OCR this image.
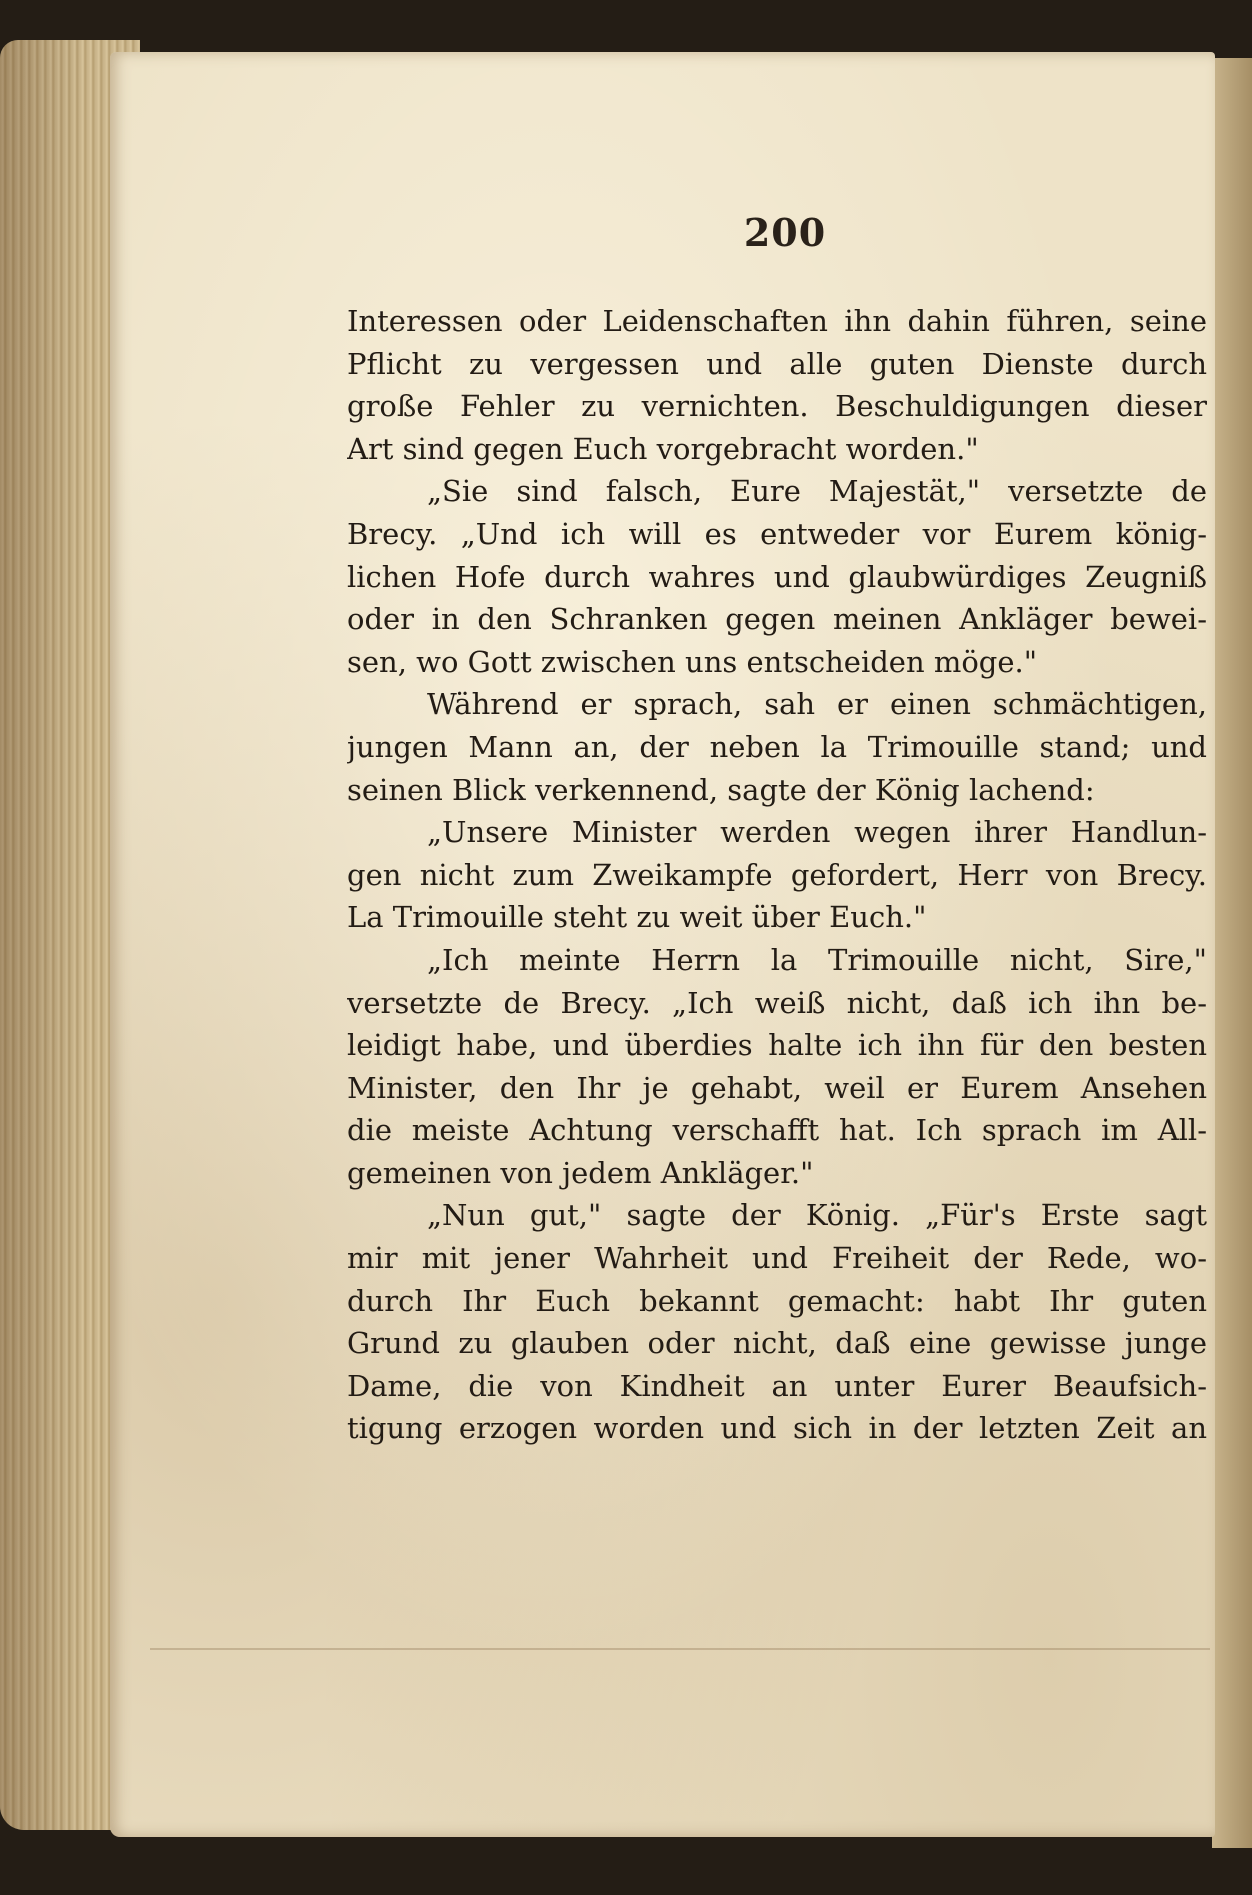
200
Interessen oder Leidenschaften ihn dahin führen, seine
Pflicht zu vergessen und alle guten Dienste durch
große Fehler zu vernichten. Beschuldigungen dieser
Art sind gegen Euch vorgebracht worden."
„Sie sind falsch, Eure Majestät," versetzte de
Brecy. „Und ich will es entweder vor Eurem könig-
lichen Hofe durch wahres und glaubwürdiges Zeugniß
oder in den Schranken gegen meinen Ankläger bewei-
sen, wo Gott zwischen uns entscheiden möge."
Während er sprach, sah er einen schmächtigen,
jungen Mann an, der neben la Trimouille stand; und
seinen Blick verkennend, sagte der König lachend:
„Unsere Minister werden wegen ihrer Handlun-
gen nicht zum Zweikampfe gefordert, Herr von Brecy.
La Trimouille steht zu weit über Euch."
„Ich meinte Herrn la Trimouille nicht, Sire,"
versetzte de Brecy. „Ich weiß nicht, daß ich ihn be-
leidigt habe, und überdies halte ich ihn für den besten
Minister, den Ihr je gehabt, weil er Eurem Ansehen
die meiste Achtung verschafft hat. Ich sprach im All-
gemeinen von jedem Ankläger."
„Nun gut," sagte der König. „Für's Erste sagt
mir mit jener Wahrheit und Freiheit der Rede, wo-
durch Ihr Euch bekannt gemacht: habt Ihr guten
Grund zu glauben oder nicht, daß eine gewisse junge
Dame, die von Kindheit an unter Eurer Beaufsich-
tigung erzogen worden und sich in der letzten Zeit an
